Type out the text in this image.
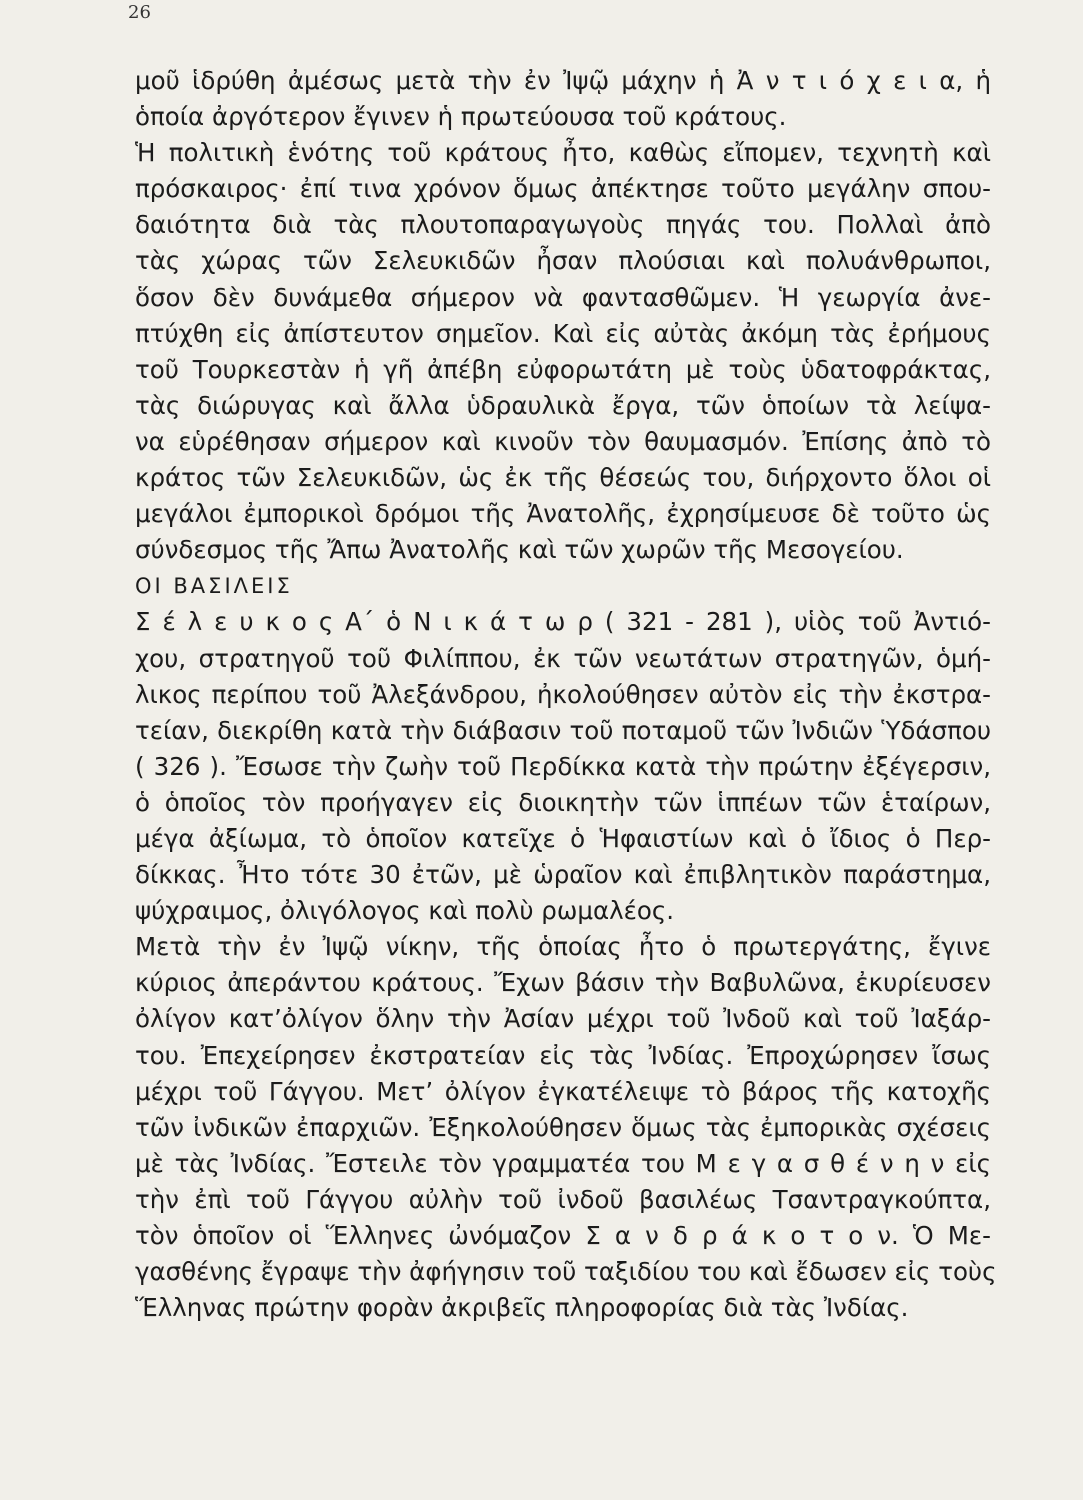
26
μοῦ ἱδρύθη ἀμέσως μετὰ τὴν ἐν Ἰψῷ μάχην ἡ Ἀ ν τ ι ό χ ε ι α, ἡ
ὁποία ἀργότερον ἔγινεν ἡ πρωτεύουσα τοῦ κράτους.
Ἡ πολιτικὴ ἑνότης τοῦ κράτους ἦτο, καθὼς εἴπομεν, τεχνητὴ καὶ
πρόσκαιρος· ἐπί τινα χρόνον ὅμως ἀπέκτησε τοῦτο μεγάλην σπου-
δαιότητα διὰ τὰς πλουτοπαραγωγοὺς πηγάς του. Πολλαὶ ἀπὸ
τὰς χώρας τῶν Σελευκιδῶν ἦσαν πλούσιαι καὶ πολυάνθρωποι,
ὅσον δὲν δυνάμεθα σήμερον νὰ φαντασθῶμεν. Ἡ γεωργία ἀνε-
πτύχθη εἰς ἀπίστευτον σημεῖον. Καὶ εἰς αὐτὰς ἀκόμη τὰς ἐρήμους
τοῦ Τουρκεστὰν ἡ γῆ ἀπέβη εὐφορωτάτη μὲ τοὺς ὑδατοφράκτας,
τὰς διώρυγας καὶ ἄλλα ὑδραυλικὰ ἔργα, τῶν ὁποίων τὰ λείψα-
να εὑρέθησαν σήμερον καὶ κινοῦν τὸν θαυμασμόν. Ἐπίσης ἀπὸ τὸ
κράτος τῶν Σελευκιδῶν, ὡς ἐκ τῆς θέσεώς του, διήρχοντο ὅλοι οἱ
μεγάλοι ἐμπορικοὶ δρόμοι τῆς Ἀνατολῆς, ἐχρησίμευσε δὲ τοῦτο ὡς
σύνδεσμος τῆς Ἄπω Ἀνατολῆς καὶ τῶν χωρῶν τῆς Μεσογείου.
ΟΙ ΒΑΣΙΛΕΙΣ
Σ έ λ ε υ κ ο ς Α΄ ὁ Ν ι κ ά τ ω ρ ( 321 - 281 ), υἱὸς τοῦ Ἀντιό-
χου, στρατηγοῦ τοῦ Φιλίππου, ἐκ τῶν νεωτάτων στρατηγῶν, ὁμή-
λικος περίπου τοῦ Ἀλεξάνδρου, ἠκολούθησεν αὐτὸν εἰς τὴν ἐκστρα-
τείαν, διεκρίθη κατὰ τὴν διάβασιν τοῦ ποταμοῦ τῶν Ἰνδιῶν Ὑδάσπου
( 326 ). Ἔσωσε τὴν ζωὴν τοῦ Περδίκκα κατὰ τὴν πρώτην ἐξέγερσιν,
ὁ ὁποῖος τὸν προήγαγεν εἰς διοικητὴν τῶν ἱππέων τῶν ἑταίρων,
μέγα ἀξίωμα, τὸ ὁποῖον κατεῖχε ὁ Ἡφαιστίων καὶ ὁ ἴδιος ὁ Περ-
δίκκας. Ἦτο τότε 30 ἐτῶν, μὲ ὡραῖον καὶ ἐπιβλητικὸν παράστημα,
ψύχραιμος, ὀλιγόλογος καὶ πολὺ ρωμαλέος.
Μετὰ τὴν ἐν Ἰψῷ νίκην, τῆς ὁποίας ἦτο ὁ πρωτεργάτης, ἔγινε
κύριος ἀπεράντου κράτους. Ἔχων βάσιν τὴν Βαβυλῶνα, ἐκυρίευσεν
ὀλίγον κατ’ὀλίγον ὅλην τὴν Ἀσίαν μέχρι τοῦ Ἰνδοῦ καὶ τοῦ Ἰαξάρ-
του. Ἐπεχείρησεν ἐκστρατείαν εἰς τὰς Ἰνδίας. Ἐπροχώρησεν ἴσως
μέχρι τοῦ Γάγγου. Μετ’ ὀλίγον ἐγκατέλειψε τὸ βάρος τῆς κατοχῆς
τῶν ἰνδικῶν ἐπαρχιῶν. Ἐξηκολούθησεν ὅμως τὰς ἐμπορικὰς σχέσεις
μὲ τὰς Ἰνδίας. Ἔστειλε τὸν γραμματέα του Μ ε γ α σ θ έ ν η ν εἰς
τὴν ἐπὶ τοῦ Γάγγου αὐλὴν τοῦ ἰνδοῦ βασιλέως Τσαντραγκούπτα,
τὸν ὁποῖον οἱ Ἕλληνες ὠνόμαζον Σ α ν δ ρ ά κ ο τ ο ν. Ὁ Με-
γασθένης ἔγραψε τὴν ἀφήγησιν τοῦ ταξιδίου του καὶ ἔδωσεν εἰς τοὺς
Ἕλληνας πρώτην φορὰν ἀκριβεῖς πληροφορίας διὰ τὰς Ἰνδίας.
